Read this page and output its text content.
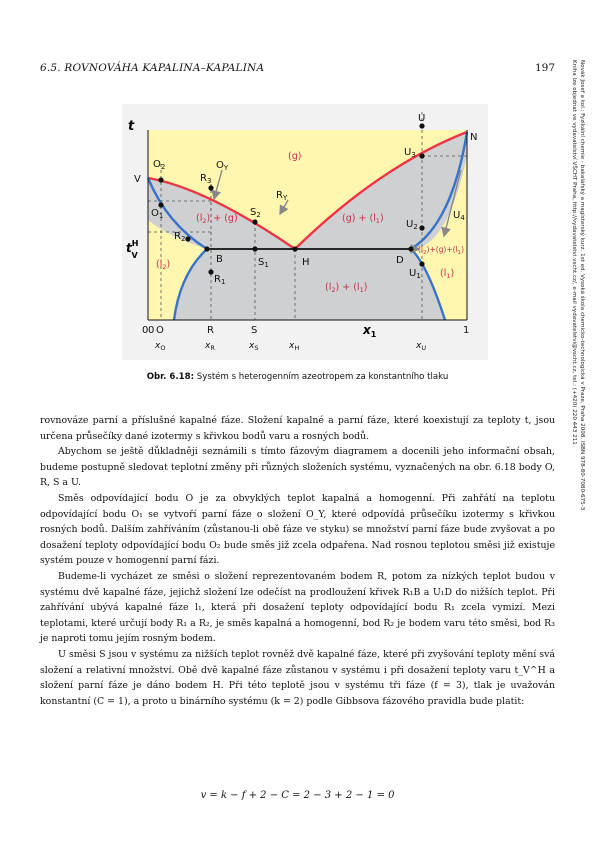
6.5. ROVNOVÁHA KAPALINA–KAPALINA	197	Novák Josef a kol.: Fyzikální chemie - bakalářský a magisterský kurz. 1st ed. Vysoká škola chemicko-technologická v Praze, Praha 2008. ISBN 978-80-7080-675-3
Kniha lze objednat ve vydavatelství VŠCHT Praha, http://vydavatelstvi.vscht.cz/, e-mail vydavatelstvi@vscht.cz, tel.: (+420) 220 443 211
$O_2$
$O_1$
V	$R_3$
$O_Y$
$R_2$
B
$R_1$
$S_2$
$R_Y$
$S_1$	H	D
$U_1$
$U_2$
$U_3$
U
$U_4$
N
(g)
$(l_2) + (g)$	$(g) + (l_1)$
$(l_2)$
$(l_1)$
$(l_2) + (l_1)$
$(l_2)+(g)+(l_1)$
t
$t^H$ V
0 O	R	S	1
0	$x_1$
$x_O$	$x_R$	$x_S$	$x_H$	$x_U$
Obr. 6.18: Systém s heterogenním azeotropem za konstantního tlaku

rovnováze parní a příslušné kapalné fáze. Složení kapalné a parní fáze, které koexistují za teploty t, jsou určena průsečíky dané izotermy s křivkou bodů varu a rosných bodů.

Abychom se ještě důkladněji seznámili s tímto fázovým diagramem a docenili jeho informační obsah, budeme postupně sledovat teplotní změny při různých složeních systému, vyznačených na obr. 6.18 body O, R, S a U.

Směs odpovídající bodu O je za obvyklých teplot kapalná a homogenní. Při zahřátí na teplotu odpovídající bodu O₁ se vytvoří parní fáze o složení O_Y, které odpovídá průsečíku izotermy s křivkou rosných bodů. Dalším zahříváním (zůstanou-li obě fáze ve styku) se množství parní fáze bude zvyšovat a po dosažení teploty odpovídající bodu O₂ bude směs již zcela odpařena. Nad rosnou teplotou směsi již existuje systém pouze v homogenní parní fázi.

Budeme-li vycházet ze směsi o složení reprezentovaném bodem R, potom za nízkých teplot budou v systému dvě kapalné fáze, jejichž složení lze odečíst na prodloužení křivek R₁B a U₁D do nižších teplot. Při zahřívání ubývá kapalné fáze l₁, která při dosažení teploty odpovídající bodu R₁ zcela vymizí. Mezi teplotami, které určují body R₁ a R₂, je směs kapalná a homogenní, bod R₂ je bodem varu této směsi, bod R₃ je naproti tomu jejím rosným bodem.

U směsi S jsou v systému za nižších teplot rovněž dvě kapalné fáze, které při zvyšování teploty mění svá složení a relativní množství. Obě dvě kapalné fáze zůstanou v systému i při dosažení teploty varu t_V^H a složení parní fáze je dáno bodem H. Při této teplotě jsou v systému tři fáze (f = 3), tlak je uvažován konstantní (C = 1), a proto u binárního systému (k = 2) podle Gibbsova fázového pravidla bude platit:

v = k − f + 2 − C = 2 − 3 + 2 − 1 = 0
